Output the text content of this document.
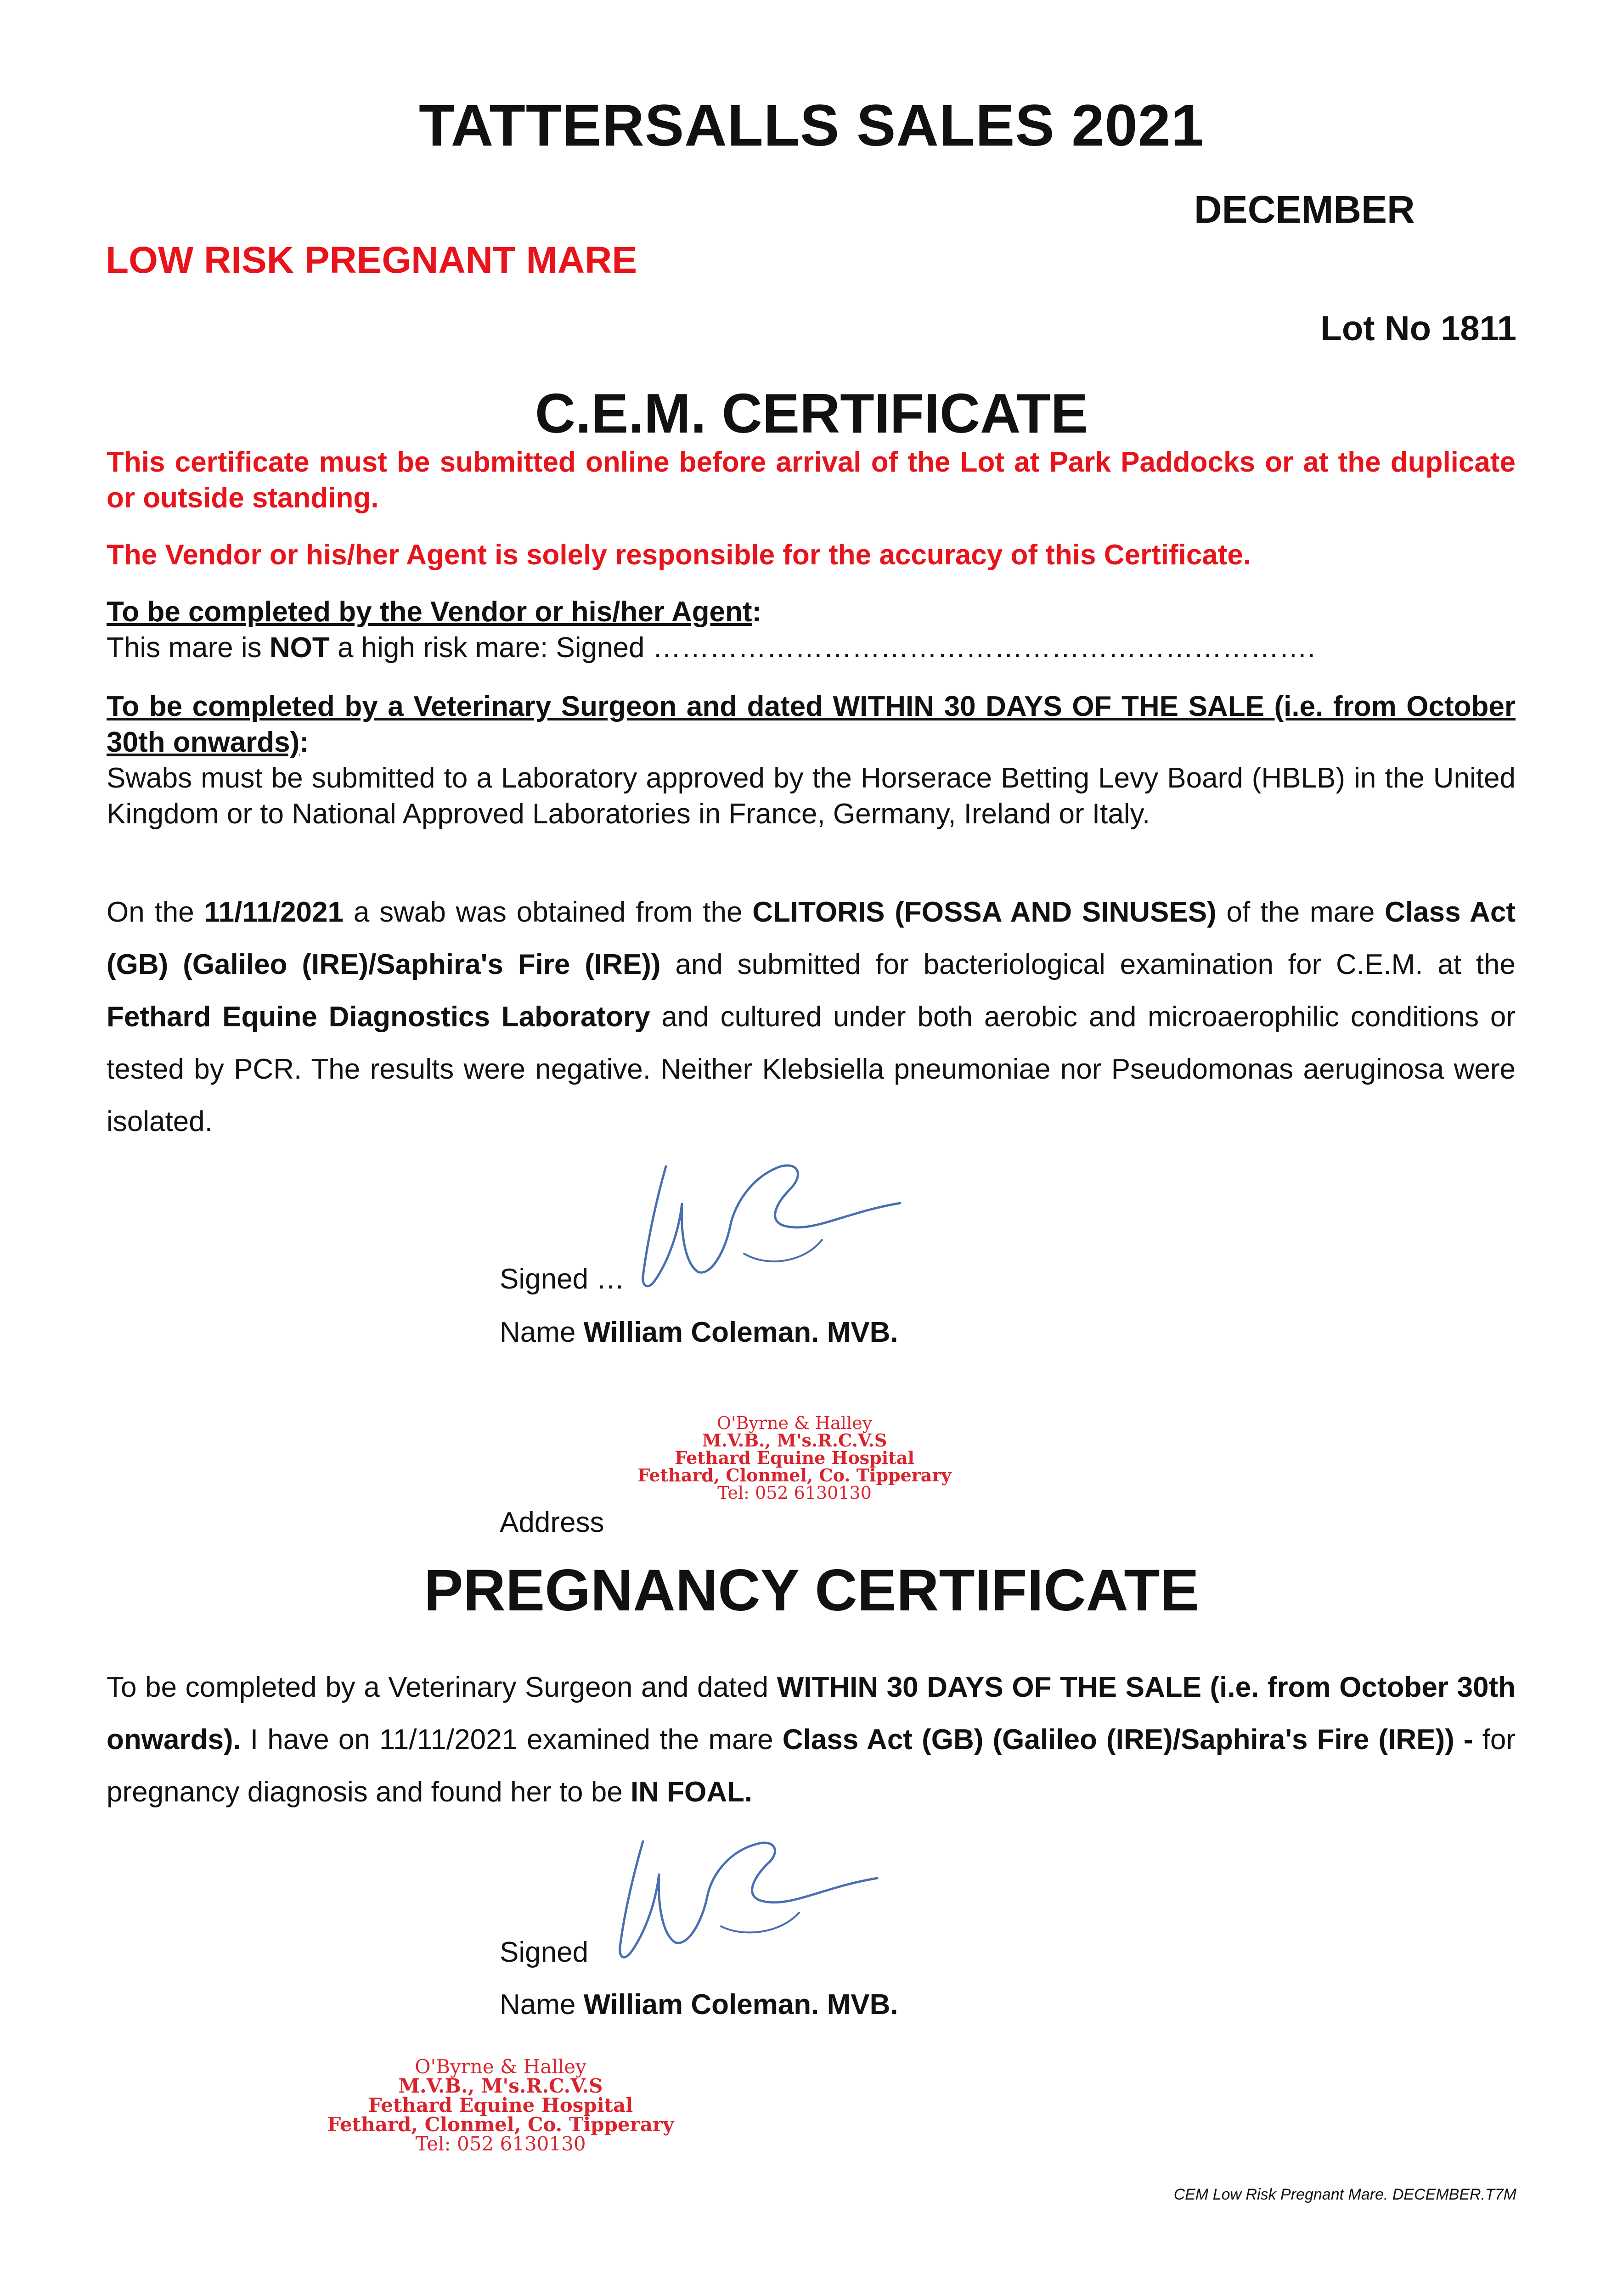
TATTERSALLS SALES 2021
DECEMBER
LOW RISK PREGNANT MARE
Lot No 1811
C.E.M. CERTIFICATE
This certificate must be submitted online before arrival of the Lot at Park Paddocks or at the duplicate or outside standing.
The Vendor or his/her Agent is solely responsible for the accuracy of this Certificate.
To be completed by the Vendor or his/her Agent:
This mare is NOT a high risk mare: Signed …………………………………………………………….
To be completed by a Veterinary Surgeon and dated WITHIN 30 DAYS OF THE SALE (i.e. from October 30th onwards):
Swabs must be submitted to a Laboratory approved by the Horserace Betting Levy Board (HBLB) in the United Kingdom or to National Approved Laboratories in France, Germany, Ireland or Italy.
On the 11/11/2021 a swab was obtained from the CLITORIS (FOSSA AND SINUSES) of the mare Class Act (GB) (Galileo (IRE)/Saphira's Fire (IRE)) and submitted for bacteriological examination for C.E.M. at the Fethard Equine Diagnostics Laboratory and cultured under both aerobic and microaerophilic conditions or tested by PCR. The results were negative. Neither Klebsiella pneumoniae nor Pseudomonas aeruginosa were isolated.
Signed …
Name William Coleman. MVB.
O'Byrne & Halley
M.V.B., M's.R.C.V.S
Fethard Equine Hospital
Fethard, Clonmel, Co. Tipperary
Tel: 052 6130130
Address
PREGNANCY CERTIFICATE
To be completed by a Veterinary Surgeon and dated WITHIN 30 DAYS OF THE SALE (i.e. from October 30th onwards). I have on 11/11/2021 examined the mare Class Act (GB) (Galileo (IRE)/Saphira's Fire (IRE)) - for pregnancy diagnosis and found her to be IN FOAL.
Signed
Name William Coleman. MVB.
O'Byrne & Halley
M.V.B., M's.R.C.V.S
Fethard Equine Hospital
Fethard, Clonmel, Co. Tipperary
Tel: 052 6130130
CEM Low Risk Pregnant Mare. DECEMBER.T7M
